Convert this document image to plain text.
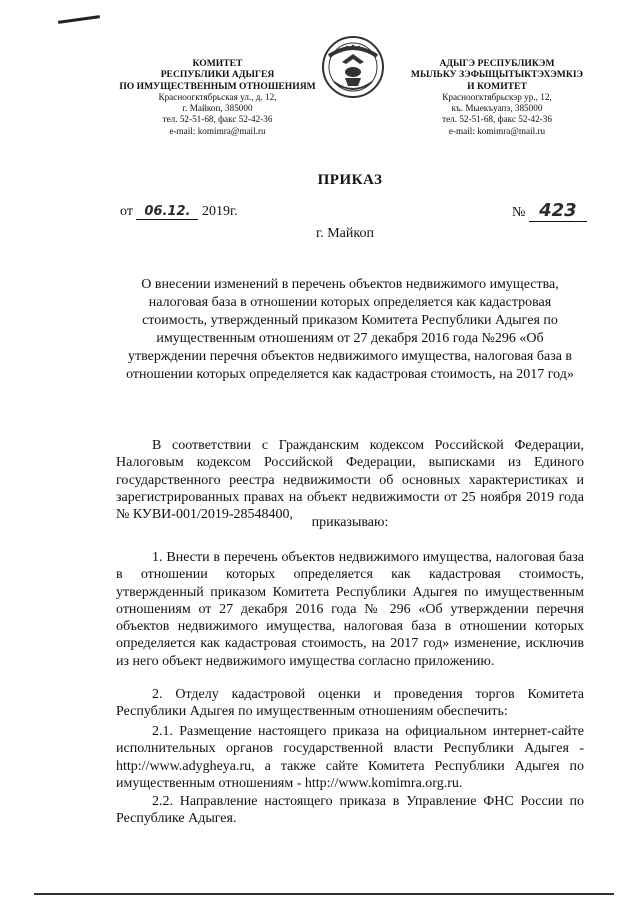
КОМИТЕТ
РЕСПУБЛИКИ АДЫГЕЯ
ПО ИМУЩЕСТВЕННЫМ ОТНОШЕНИЯМ
Красноогктябрьская ул., д. 12,
г. Майкоп, 385000
тел. 52-51-68, факс 52-42-36
e-mail: komimra@mail.ru
АДЫГЭ РЕСПУБЛИКЭМ
МЫЛЬКУ ЗЭФЫЩЫТЫКТЭХЭМКIЭ
И КОМИТЕТ
Красноогктябрьскэр ур., 12,
къ. Мыекъуапэ, 385000
тел. 52-51-68, факс 52-42-36
e-mail: komimra@mail.ru
ПРИКАЗ
от 06.12. 2019г.	№ 423
г. Майкоп
О внесении изменений в перечень объектов недвижимого имущества, налоговая база в отношении которых определяется как кадастровая стоимость, утвержденный приказом Комитета Республики Адыгея по имущественным отношениям от 27 декабря 2016 года №296 «Об утверждении перечня объектов недвижимого имущества, налоговая база в отношении которых определяется как кадастровая стоимость, на 2017 год»
В соответствии с Гражданским кодексом Российской Федерации, Налоговым кодексом Российской Федерации, выписками из Единого государственного реестра недвижимости об основных характеристиках и зарегистрированных правах на объект недвижимости от 25 ноября 2019 года № КУВИ-001/2019-28548400,
приказываю:
1. Внести в перечень объектов недвижимого имущества, налоговая база в отношении которых определяется как кадастровая стоимость, утвержденный приказом Комитета Республики Адыгея по имущественным отношениям от 27 декабря 2016 года № 296 «Об утверждении перечня объектов недвижимого имущества, налоговая база в отношении которых определяется как кадастровая стоимость, на 2017 год» изменение, исключив из него объект недвижимого имущества согласно приложению.
2. Отделу кадастровой оценки и проведения торгов Комитета Республики Адыгея по имущественным отношениям обеспечить:
2.1. Размещение настоящего приказа на официальном интернет-сайте исполнительных органов государственной власти Республики Адыгея - http://www.adygheya.ru, а также сайте Комитета Республики Адыгея по имущественным отношениям - http://www.komimra.org.ru.
2.2. Направление настоящего приказа в Управление ФНС России по Республике Адыгея.
